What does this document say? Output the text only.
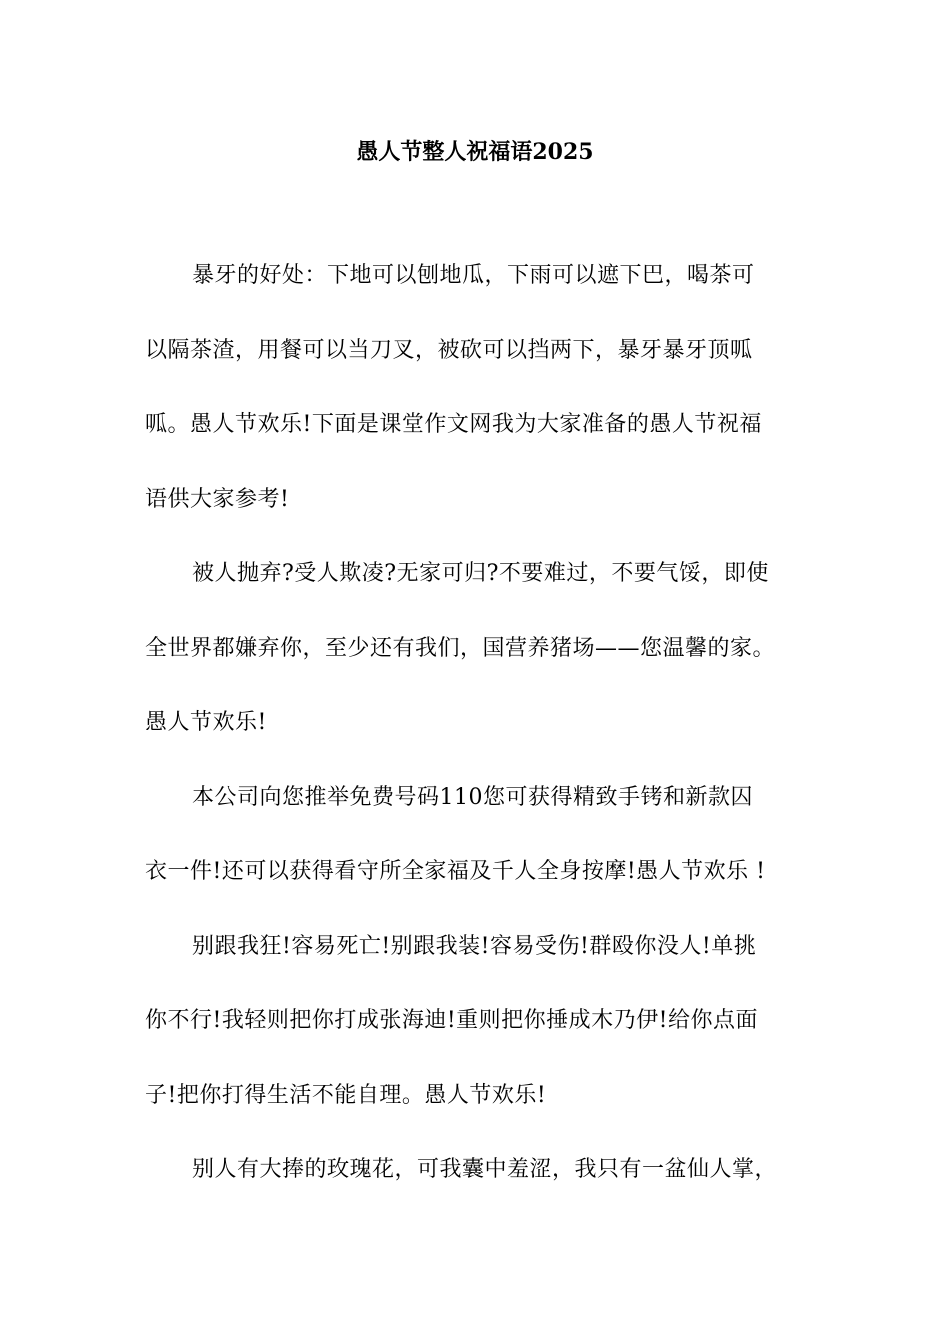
愚人节整人祝福语2025
暴牙的好处：下地可以刨地瓜，下雨可以遮下巴，喝茶可
以隔茶渣，用餐可以当刀叉，被砍可以挡两下，暴牙暴牙顶呱
呱。愚人节欢乐!下面是课堂作文网我为大家准备的愚人节祝福
语供大家参考!
被人抛弃?受人欺凌?无家可归?不要难过，不要气馁，即使
全世界都嫌弃你，至少还有我们，国营养猪场——您温馨的家。
愚人节欢乐!
本公司向您推举免费号码110您可获得精致手铐和新款囚
衣一件!还可以获得看守所全家福及千人全身按摩!愚人节欢乐 !
别跟我狂!容易死亡!别跟我装!容易受伤!群殴你没人!单挑
你不行!我轻则把你打成张海迪!重则把你捶成木乃伊!给你点面
子!把你打得生活不能自理。愚人节欢乐!
别人有大捧的玫瑰花，可我囊中羞涩，我只有一盆仙人掌，
